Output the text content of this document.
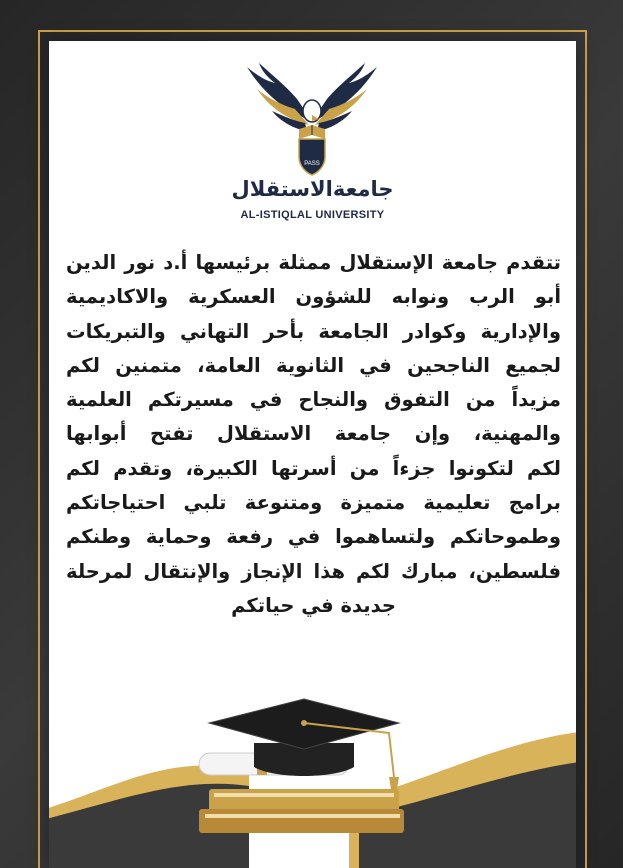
PASS
جامعةالاستقلال
AL-ISTIQLAL UNIVERSITY
تتقدم جامعة الإستقلال ممثلة برئيسها أ.د نور الدين
أبو الرب ونوابه للشؤون العسكرية والاكاديمية
والإدارية وكوادر الجامعة بأحر التهاني والتبريكات
لجميع الناجحين في الثانوية العامة، متمنين لكم
مزيداً من التفوق والنجاح في مسيرتكم العلمية
والمهنية، وإن جامعة الاستقلال تفتح أبوابها
لكم لتكونوا جزءاً من أسرتها الكبيرة، وتقدم لكم
برامج تعليمية متميزة ومتنوعة تلبي احتياجاتكم
وطموحاتكم ولتساهموا في رفعة وحماية وطنكم
فلسطين، مبارك لكم هذا الإنجاز والإنتقال لمرحلة
جديدة في حياتكم
